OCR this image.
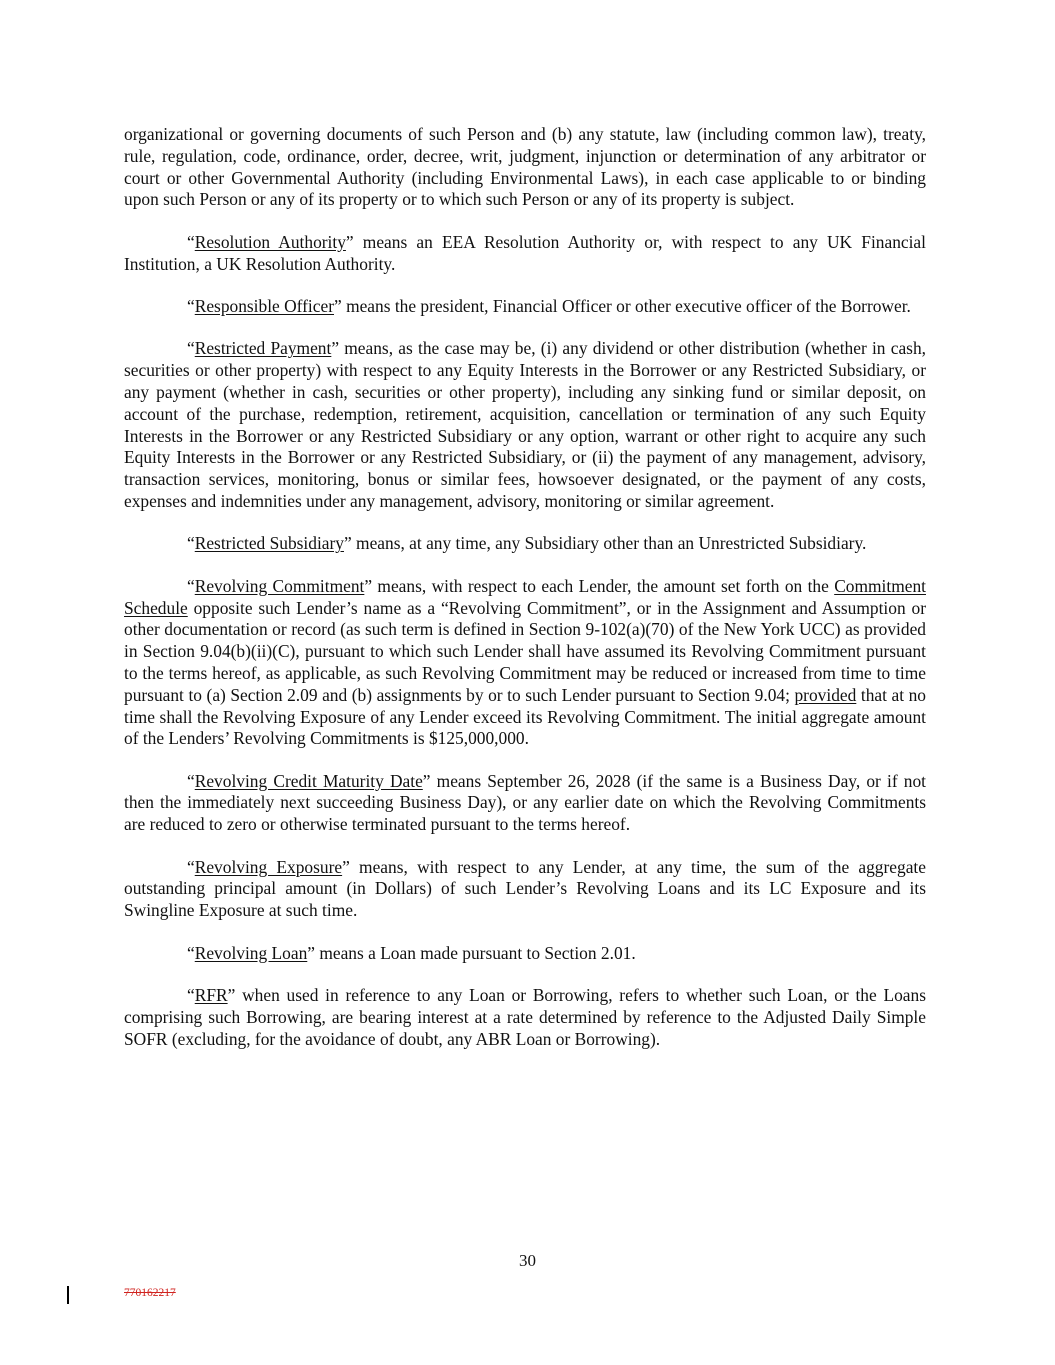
organizational or governing documents of such Person and (b) any statute, law (including common law), treaty, rule, regulation, code, ordinance, order, decree, writ, judgment, injunction or determination of any arbitrator or court or other Governmental Authority (including Environmental Laws), in each case applicable to or binding upon such Person or any of its property or to which such Person or any of its property is subject.

“Resolution Authority” means an EEA Resolution Authority or, with respect to any UK Financial Institution, a UK Resolution Authority.

“Responsible Officer” means the president, Financial Officer or other executive officer of the Borrower.

“Restricted Payment” means, as the case may be, (i) any dividend or other distribution (whether in cash, securities or other property) with respect to any Equity Interests in the Borrower or any Restricted Subsidiary, or any payment (whether in cash, securities or other property), including any sinking fund or similar deposit, on account of the purchase, redemption, retirement, acquisition, cancellation or termination of any such Equity Interests in the Borrower or any Restricted Subsidiary or any option, warrant or other right to acquire any such Equity Interests in the Borrower or any Restricted Subsidiary, or (ii) the payment of any management, advisory, transaction services, monitoring, bonus or similar fees, howsoever designated, or the payment of any costs, expenses and indemnities under any management, advisory, monitoring or similar agreement.

“Restricted Subsidiary” means, at any time, any Subsidiary other than an Unrestricted Subsidiary.

“Revolving Commitment” means, with respect to each Lender, the amount set forth on the Commitment Schedule opposite such Lender’s name as a “Revolving Commitment”, or in the Assignment and Assumption or other documentation or record (as such term is defined in Section 9-102(a)(70) of the New York UCC) as provided in Section 9.04(b)(ii)(C), pursuant to which such Lender shall have assumed its Revolving Commitment pursuant to the terms hereof, as applicable, as such Revolving Commitment may be reduced or increased from time to time pursuant to (a) Section 2.09 and (b) assignments by or to such Lender pursuant to Section 9.04; provided that at no time shall the Revolving Exposure of any Lender exceed its Revolving Commitment. The initial aggregate amount of the Lenders’ Revolving Commitments is $125,000,000.

“Revolving Credit Maturity Date” means September 26, 2028 (if the same is a Business Day, or if not then the immediately next succeeding Business Day), or any earlier date on which the Revolving Commitments are reduced to zero or otherwise terminated pursuant to the terms hereof.

“Revolving Exposure” means, with respect to any Lender, at any time, the sum of the aggregate outstanding principal amount (in Dollars) of such Lender’s Revolving Loans and its LC Exposure and its Swingline Exposure at such time.

“Revolving Loan” means a Loan made pursuant to Section 2.01.

“RFR” when used in reference to any Loan or Borrowing, refers to whether such Loan, or the Loans comprising such Borrowing, are bearing interest at a rate determined by reference to the Adjusted Daily Simple SOFR (excluding, for the avoidance of doubt, any ABR Loan or Borrowing).

30
770162217
